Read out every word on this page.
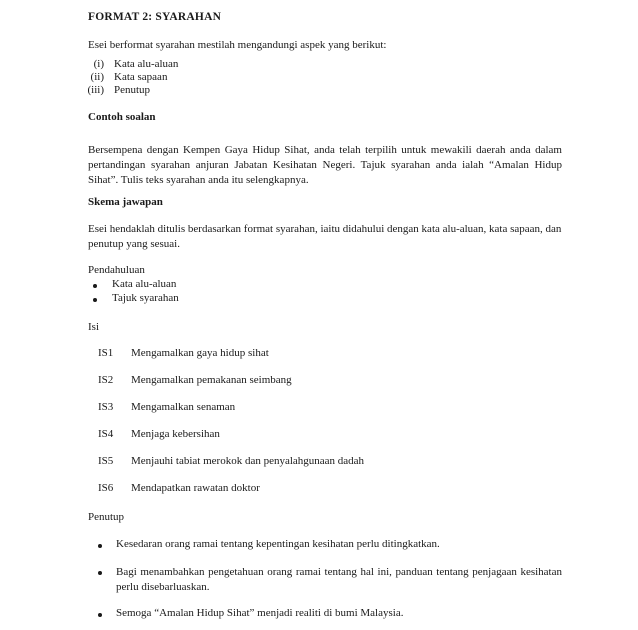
FORMAT 2: SYARAHAN
Esei berformat syarahan mestilah mengandungi aspek yang berikut:
(i) Kata alu-aluan
(ii) Kata sapaan
(iii) Penutup
Contoh soalan
Bersempena dengan Kempen Gaya Hidup Sihat, anda telah terpilih untuk mewakili daerah anda dalam pertandingan syarahan anjuran Jabatan Kesihatan Negeri. Tajuk syarahan anda ialah “Amalan Hidup Sihat”. Tulis teks syarahan anda itu selengkapnya.
Skema jawapan
Esei hendaklah ditulis berdasarkan format syarahan, iaitu didahului dengan kata alu-aluan, kata sapaan, dan penutup yang sesuai.
Pendahuluan
Kata alu-aluan
Tajuk syarahan
Isi
IS1 Mengamalkan gaya hidup sihat
IS2 Mengamalkan pemakanan seimbang
IS3 Mengamalkan senaman
IS4 Menjaga kebersihan
IS5 Menjauhi tabiat merokok dan penyalahgunaan dadah
IS6 Mendapatkan rawatan doktor
Penutup
Kesedaran orang ramai tentang kepentingan kesihatan perlu ditingkatkan.
Bagi menambahkan pengetahuan orang ramai tentang hal ini, panduan tentang penjagaan kesihatan perlu disebarluaskan.
Semoga “Amalan Hidup Sihat” menjadi realiti di bumi Malaysia.
